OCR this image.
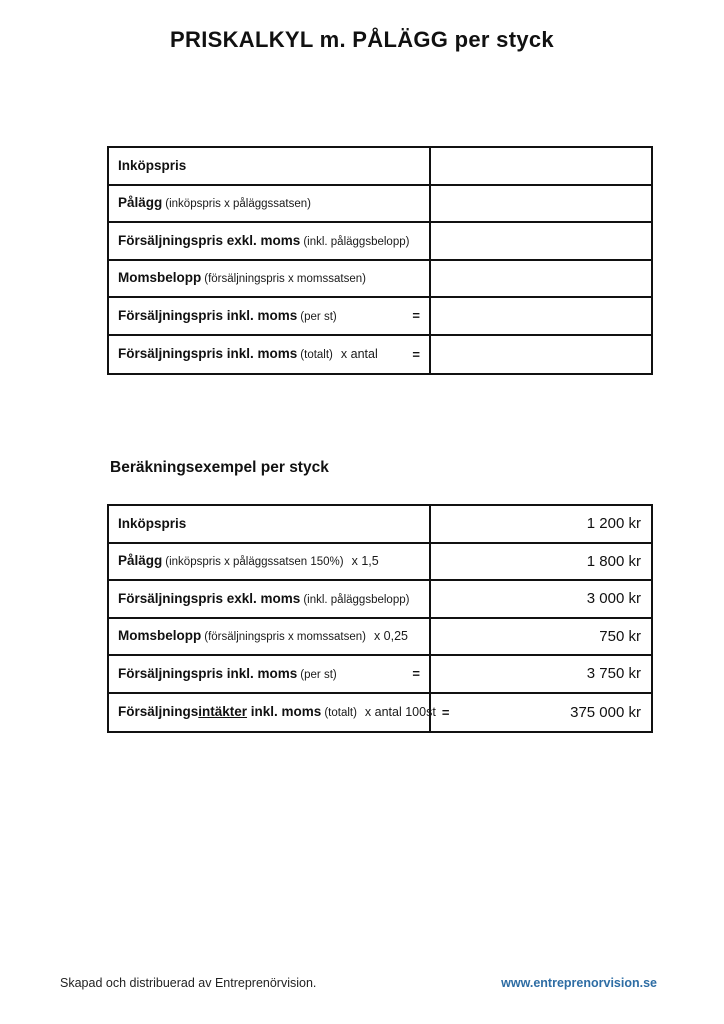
PRISKALKYL m. PÅLÄGG per styck
Inköpspris
Pålägg (inköpspris x påläggssatsen)
Försäljningspris exkl. moms (inkl. påläggsbelopp)
Momsbelopp (försäljningspris x momssatsen)
Försäljningspris inkl. moms (per st)	=
Försäljningspris inkl. moms (totalt) x antal	=
Beräkningsexempel per styck
Inköpspris	1 200 kr
Pålägg (inköpspris x påläggssatsen 150%) x 1,5	1 800 kr
Försäljningspris exkl. moms (inkl. påläggsbelopp)	3 000 kr
Momsbelopp (försäljningspris x momssatsen) x 0,25	750 kr
Försäljningspris inkl. moms (per st)	=	3 750 kr
Försäljningsintäkter inkl. moms (totalt) x antal 100st =	375 000 kr
Skapad och distribuerad av Entreprenörvision.	www.entreprenorvision.se
